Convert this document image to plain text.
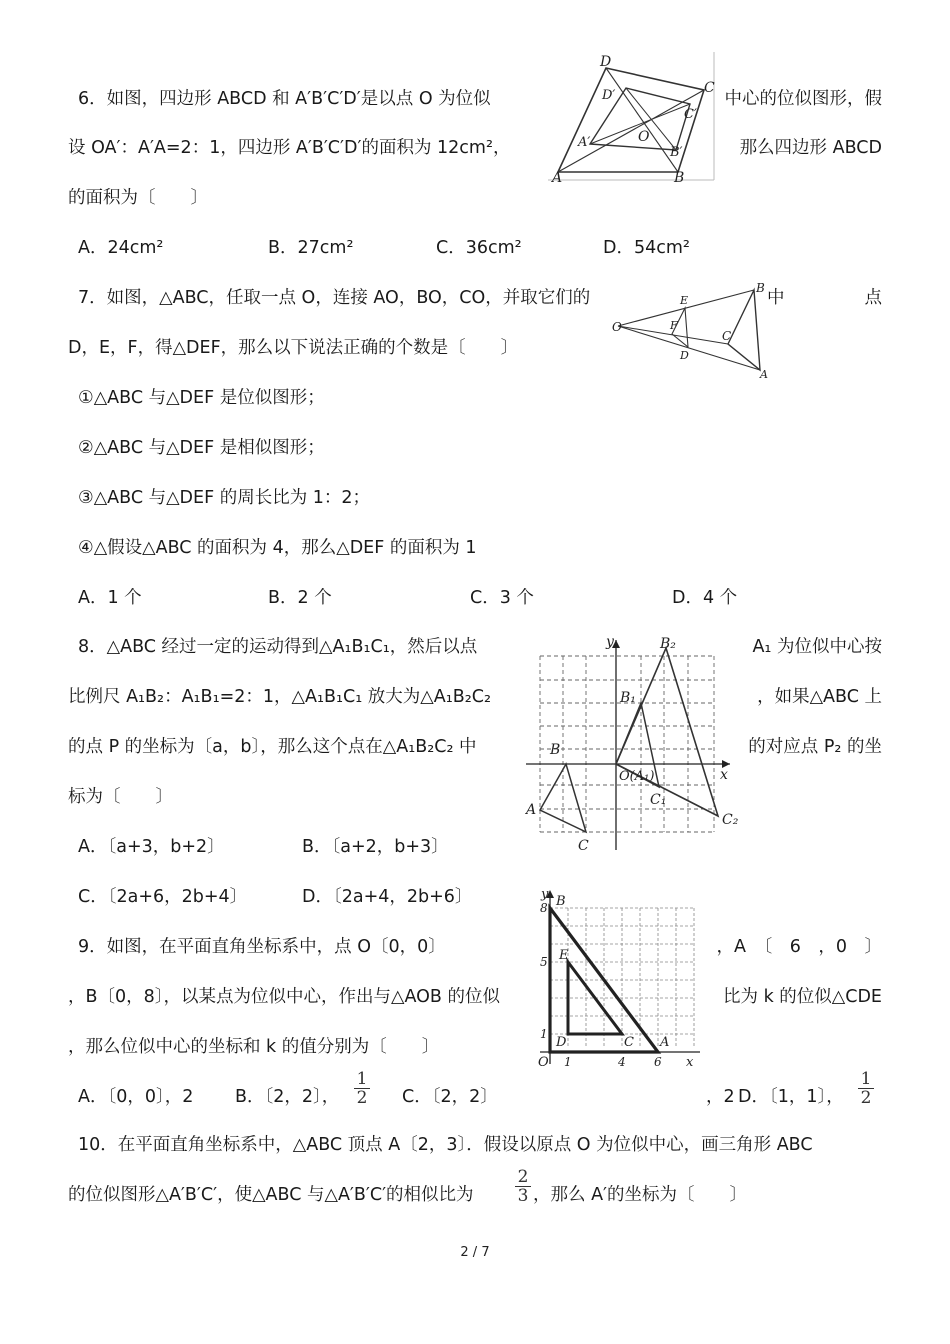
6．如图，四边形 ABCD 和 A′B′C′D′是以点 O 为位似	中心的位似图形，假
设 OA′：A′A=2：1，四边形 A′B′C′D′的面积为 12cm²，	那么四边形 ABCD
的面积为〔　　〕
A．24cm²	B．27cm²	C．36cm²	D．54cm²
D
D′	C
C′
O
A′
B′
A	B
7．如图，△ABC，任取一点 O，连接 AO，BO，CO，并取它们的	中	点
D，E，F，得△DEF，那么以下说法正确的个数是〔　　〕
①△ABC 与△DEF 是位似图形；
②△ABC 与△DEF 是相似图形；
③△ABC 与△DEF 的周长比为 1：2；
④△假设△ABC 的面积为 4，那么△DEF 的面积为 1
A．1 个	B．2 个	C．3 个	D．4 个
O
E
F
D
B
C
A
8．△ABC 经过一定的运动得到△A₁B₁C₁，然后以点	A₁ 为位似中心按
比例尺 A₁B₂：A₁B₁=2：1，△A₁B₁C₁ 放大为△A₁B₂C₂	，如果△ABC 上
的点 P 的坐标为〔a，b〕，那么这个点在△A₁B₂C₂ 中	的对应点 P₂ 的坐
标为〔　　〕
A．〔a+3，b+2〕	B．〔a+2，b+3〕
C．〔2a+6，2b+4〕	D．〔2a+4，2b+6〕
y	B₂
B₁
B
O(A₁)	x
A
C₁
C₂
C
9．如图，在平面直角坐标系中，点 O〔0，0〕	，A　〔　6　，0　〕
，B〔0，8〕，以某点为位似中心，作出与△AOB 的位似	比为 k 的位似△CDE
，那么位似中心的坐标和 k 的值分别为〔　　〕
A．〔0，0〕，2 B．〔2，2〕， $\frac{1}{2}$ C．〔2，2〕	，2 D．〔1，1〕， $\frac{1}{2}$
y B
8
E
5
1
D	C A
O 1	4 6 x
10．在平面直角坐标系中，△ABC 顶点 A〔2，3〕．假设以原点 O 为位似中心，画三角形 ABC
的位似图形△A′B′C′，使△ABC 与△A′B′C′的相似比为 $\frac{2}{3}$ ，那么 A′的坐标为〔　　〕
2 / 7
